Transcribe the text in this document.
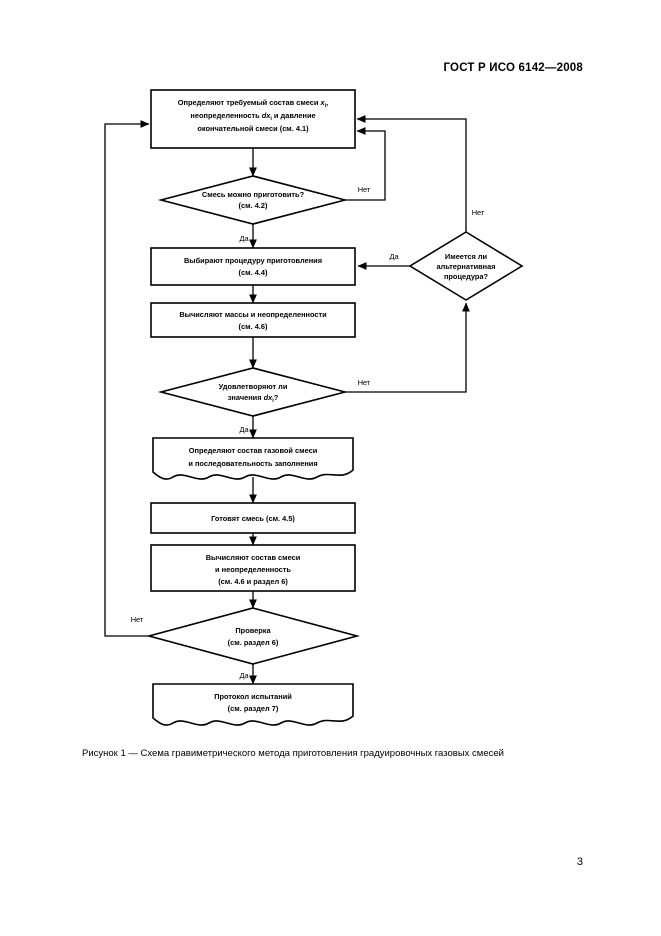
ГОСТ Р ИСО 6142—2008
Определяют требуемый состав смеси $x_i$,
неопределенность $dx_i$ и давление
окончательной смеси (см. 4.1)
Смесь можно приготовить?
(см. 4.2)
Выбирают процедуру приготовления
(см. 4.4)
Вычисляют массы и неопределенности
(см. 4.6)
Удовлетворяют ли
значения $dx_i$?
Определяют состав газовой смеси
и последовательность заполнения
Готовят смесь (см. 4.5)
Вычисляют состав смеси
и неопределенность
(см. 4.6 и раздел 6)
Проверка
(см. раздел 6)
Протокол испытаний
(см. раздел 7)
Имеется ли
альтернативная
процедура?
Нет
Да
Нет
Да
Нет
Да
Да
Нет
Рисунок 1 — Схема гравиметрического метода приготовления градуировочных газовых смесей
3
